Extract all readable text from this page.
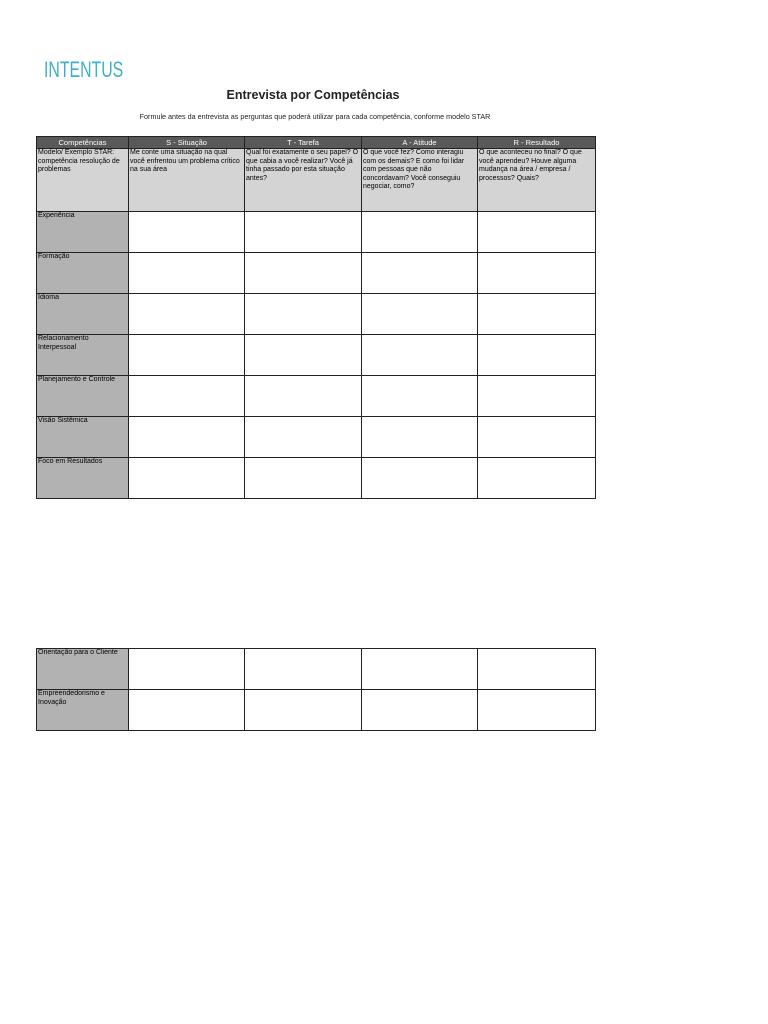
INTENTUS
Entrevista por Competências
Formule antes da entrevista as perguntas que poderá utilizar para cada competência, conforme modelo STAR
Competências	S - Situação	T - Tarefa	A - Atitude	R - Resultado
Modelo/ Exemplo STAR: competência resolução de problemas	Me conte uma situação na qual você enfrentou um problema crítico na sua área	Qual foi exatamente o seu papel? O que cabia a você realizar? Você já tinha passado por esta situação antes?	O que você fez? Como interagiu com os demais? E como foi lidar com pessoas que não concordavam? Você conseguiu negociar, como?	O que aconteceu no final? O que você aprendeu? Houve alguma mudança na área / empresa / processos? Quais?
Experiência				
Formação				
Idioma				
Relacionamento Interpessoal				
Planejamento e Controle				
Visão Sistêmica				
Foco em Resultados				
Orientação para o Cliente				
Empreendedorismo e Inovação				
